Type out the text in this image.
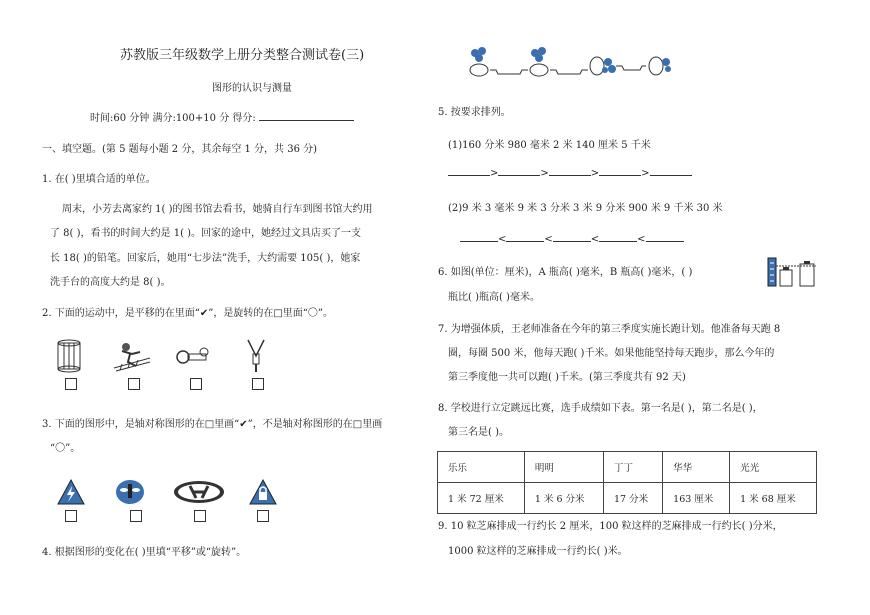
苏教版三年级数学上册分类整合测试卷(三)
图形的认识与测量
时间:60 分钟 满分:100+10 分 得分:
一、填空题。(第 5 题每小题 2 分，其余每空 1 分，共 36 分)
1. 在( )里填合适的单位。
周末，小芳去离家约 1( )的图书馆去看书，她骑自行车到图书馆大约用
了 8( )，看书的时间大约是 1( )。回家的途中，她经过文具店买了一支
长 18( )的铅笔。回家后，她用“七步法”洗手，大约需要 105( )，她家
洗手台的高度大约是 8( )。
2. 下面的运动中，是平移的在里面“✔”，是旋转的在□里面“〇”。
3. 下面的图形中，是轴对称图形的在□里画“✔”，不是轴对称图形的在□里画
“〇”。
4. 根据图形的变化在( )里填“平移”或“旋转”。
5. 按要求排列。
(1)160 分米 980 毫米 2 米 140 厘米 5 千米
>	>	>	>
(2)9 米 3 毫米 9 米 3 分米 3 米 9 分米 900 米 9 千米 30 米
<	<	<	<
6. 如图(单位：厘米)，A 瓶高( )毫米，B 瓶高( )毫米，( )
瓶比( )瓶高( )毫米。
7. 为增强体质，王老师准备在今年的第三季度实施长跑计划。他准备每天跑 8
圈，每圈 500 米，他每天跑( )千米。如果他能坚持每天跑步，那么今年的
第三季度他一共可以跑( )千米。(第三季度共有 92 天)
8. 学校进行立定跳远比赛，选手成绩如下表。第一名是( )，第二名是( )，
第三名是( )。
乐乐	明明	丁丁	华华	光光
1 米 72 厘米	1 米 6 分米	17 分米	163 厘米	1 米 68 厘米
9. 10 粒芝麻排成一行约长 2 厘米，100 粒这样的芝麻排成一行约长( )分米，
1000 粒这样的芝麻排成一行约长( )米。
